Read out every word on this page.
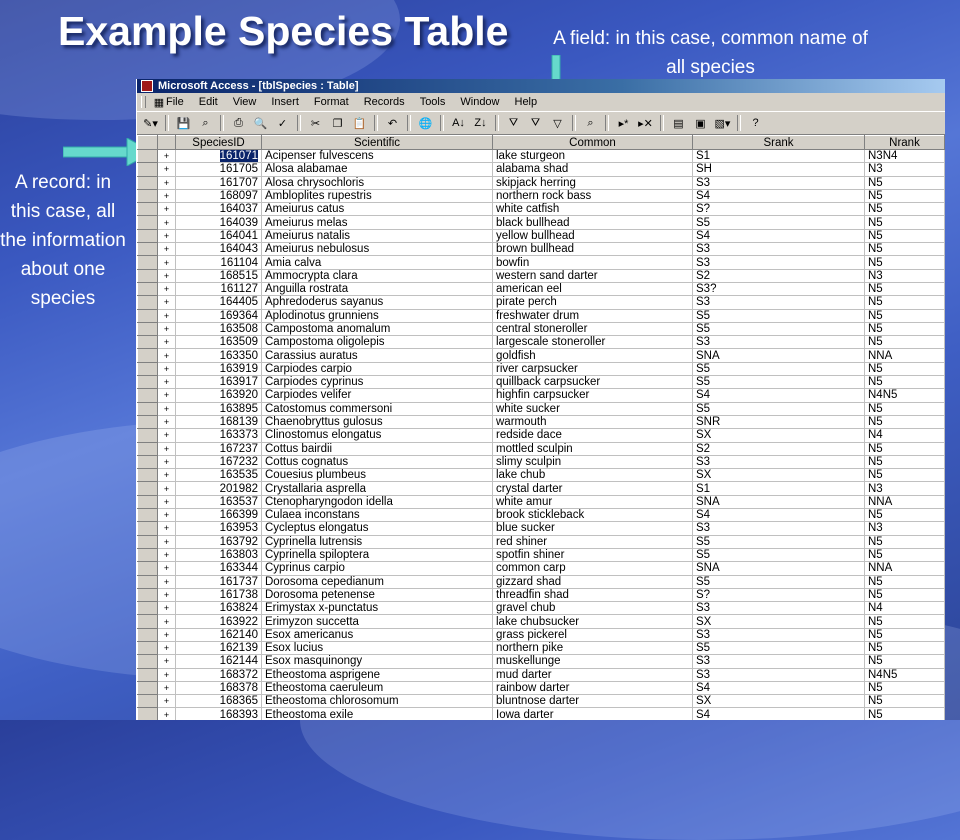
Example Species Table A field: in this case, common name of all species
A record: in this case, all the information about one species
Microsoft Access - [tblSpecies : Table]
▦ File Edit View Insert Format Records Tools Window Help
✎▾ 💾	⌕	⎙ 🔍 ✓	✂	❐ 📋	↶	🌐 A↓ Z↓	⛛	⛛	▽	⌕	▸* ▸✕	▤	▣ ▧▾	?
		SpeciesID	Scientific	Common	Srank	Nrank
	+	161071	Acipenser fulvescens	lake sturgeon	S1	N3N4
	+	161705	Alosa alabamae	alabama shad	SH	N3
	+	161707	Alosa chrysochloris	skipjack herring	S3	N5
	+	168097	Ambloplites rupestris	northern rock bass	S4	N5
	+	164037	Ameiurus catus	white catfish	S?	N5
	+	164039	Ameiurus melas	black bullhead	S5	N5
	+	164041	Ameiurus natalis	yellow bullhead	S4	N5
	+	164043	Ameiurus nebulosus	brown bullhead	S3	N5
	+	161104	Amia calva	bowfin	S3	N5
	+	168515	Ammocrypta clara	western sand darter	S2	N3
	+	161127	Anguilla rostrata	american eel	S3?	N5
	+	164405	Aphredoderus sayanus	pirate perch	S3	N5
	+	169364	Aplodinotus grunniens	freshwater drum	S5	N5
	+	163508	Campostoma anomalum	central stoneroller	S5	N5
	+	163509	Campostoma oligolepis	largescale stoneroller	S3	N5
	+	163350	Carassius auratus	goldfish	SNA	NNA
	+	163919	Carpiodes carpio	river carpsucker	S5	N5
	+	163917	Carpiodes cyprinus	quillback carpsucker	S5	N5
	+	163920	Carpiodes velifer	highfin carpsucker	S4	N4N5
	+	163895	Catostomus commersoni	white sucker	S5	N5
	+	168139	Chaenobryttus gulosus	warmouth	SNR	N5
	+	163373	Clinostomus elongatus	redside dace	SX	N4
	+	167237	Cottus bairdii	mottled sculpin	S2	N5
	+	167232	Cottus cognatus	slimy sculpin	S3	N5
	+	163535	Couesius plumbeus	lake chub	SX	N5
	+	201982	Crystallaria asprella	crystal darter	S1	N3
	+	163537	Ctenopharyngodon idella	white amur	SNA	NNA
	+	166399	Culaea inconstans	brook stickleback	S4	N5
	+	163953	Cycleptus elongatus	blue sucker	S3	N3
	+	163792	Cyprinella lutrensis	red shiner	S5	N5
	+	163803	Cyprinella spiloptera	spotfin shiner	S5	N5
	+	163344	Cyprinus carpio	common carp	SNA	NNA
	+	161737	Dorosoma cepedianum	gizzard shad	S5	N5
	+	161738	Dorosoma petenense	threadfin shad	S?	N5
	+	163824	Erimystax x-punctatus	gravel chub	S3	N4
	+	163922	Erimyzon succetta	lake chubsucker	SX	N5
	+	162140	Esox americanus	grass pickerel	S3	N5
	+	162139	Esox lucius	northern pike	S5	N5
	+	162144	Esox masquinongy	muskellunge	S3	N5
	+	168372	Etheostoma asprigene	mud darter	S3	N4N5
	+	168378	Etheostoma caeruleum	rainbow darter	S4	N5
	+	168365	Etheostoma chlorosomum	bluntnose darter	SX	N5
	+	168393	Etheostoma exile	Iowa darter	S4	N5
